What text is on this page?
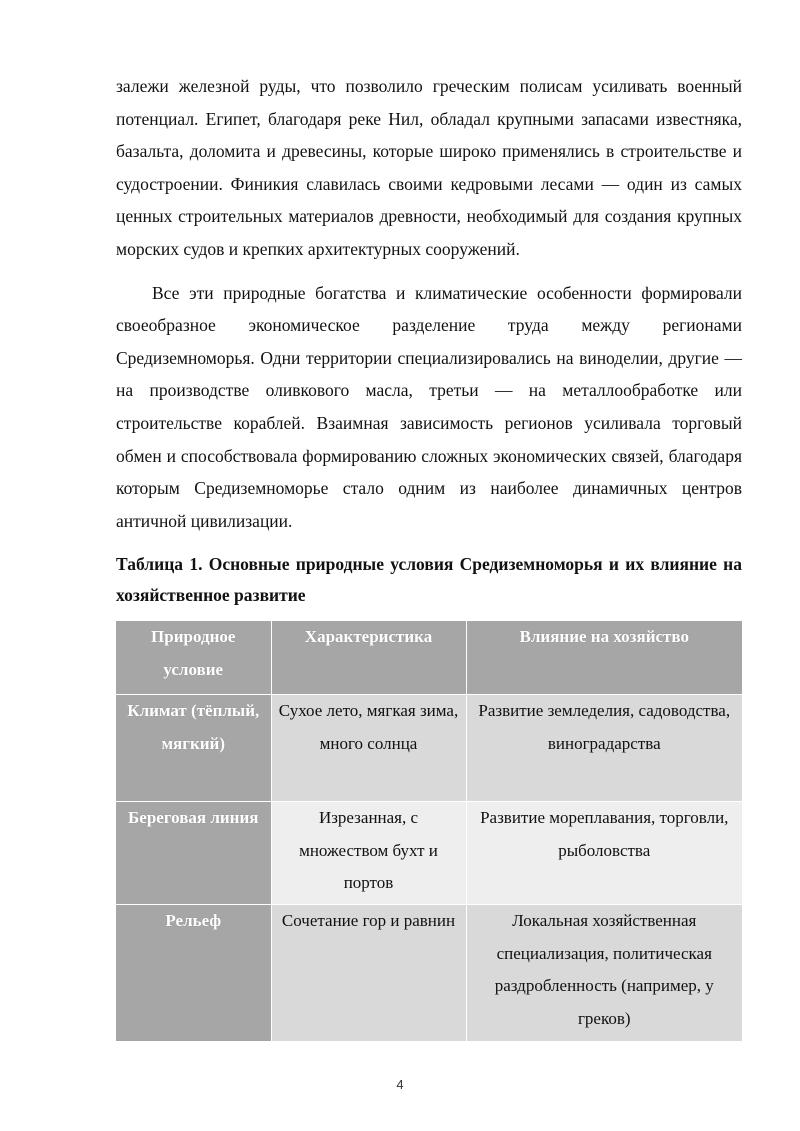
залежи железной руды, что позволило греческим полисам усиливать военный потенциал. Египет, благодаря реке Нил, обладал крупными запасами известняка, базальта, доломита и древесины, которые широко применялись в строительстве и судостроении. Финикия славилась своими кедровыми лесами — один из самых ценных строительных материалов древности, необходимый для создания крупных морских судов и крепких архитектурных сооружений.

Все эти природные богатства и климатические особенности формировали своеобразное экономическое разделение труда между регионами Средиземноморья. Одни территории специализировались на виноделии, другие — на производстве оливкового масла, третьи — на металлообработке или строительстве кораблей. Взаимная зависимость регионов усиливала торговый обмен и способствовала формированию сложных экономических связей, благодаря которым Средиземноморье стало одним из наиболее динамичных центров античной цивилизации.

Таблица 1. Основные природные условия Средиземноморья и их влияние на хозяйственное развитие

Природное условие	Характеристика	Влияние на хозяйство
Климат (тёплый, мягкий)	Сухое лето, мягкая зима, много солнца	Развитие земледелия, садоводства, виноградарства
Береговая линия	Изрезанная, с множеством бухт и портов	Развитие мореплавания, торговли, рыболовства
Рельеф	Сочетание гор и равнин	Локальная хозяйственная специализация, политическая раздробленность (например, у греков)
4
